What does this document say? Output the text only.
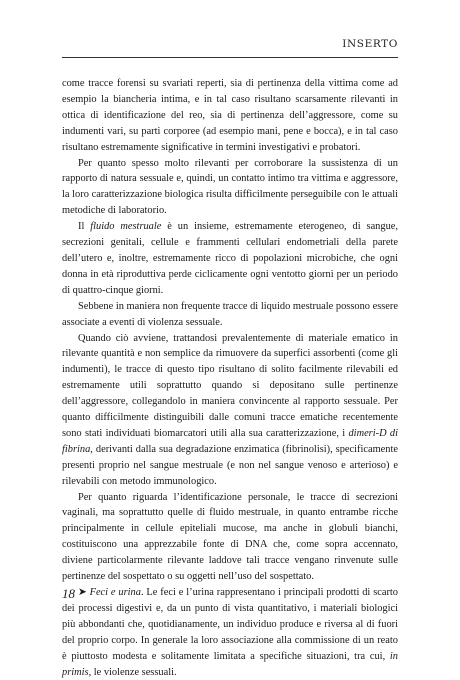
INSERTO

come tracce forensi su svariati reperti, sia di pertinenza della vittima come ad esempio la biancheria intima, e in tal caso risultano scarsamente rilevanti in ottica di identificazione del reo, sia di pertinenza dell’aggressore, come su indumenti vari, su parti corporee (ad esempio mani, pene e bocca), e in tal caso risultano estremamente significative in termini investigativi e probatori.

Per quanto spesso molto rilevanti per corroborare la sussistenza di un rapporto di natura sessuale e, quindi, un contatto intimo tra vittima e aggressore, la loro caratterizzazione biologica risulta difficilmente perseguibile con le attuali metodiche di laboratorio.

Il fluido mestruale è un insieme, estremamente eterogeneo, di sangue, secrezioni genitali, cellule e frammenti cellulari endometriali della parete dell’utero e, inoltre, estremamente ricco di popolazioni microbiche, che ogni donna in età riproduttiva perde ciclicamente ogni ventotto giorni per un periodo di quattro-cinque giorni.

Sebbene in maniera non frequente tracce di liquido mestruale possono essere associate a eventi di violenza sessuale.

Quando ciò avviene, trattandosi prevalentemente di materiale ematico in rilevante quantità e non semplice da rimuovere da superfici assorbenti (come gli indumenti), le tracce di questo tipo risultano di solito facilmente rilevabili ed estremamente utili soprattutto quando si depositano sulle pertinenze dell’aggressore, collegandolo in maniera convincente al rapporto sessuale. Per quanto difficilmente distinguibili dalle comuni tracce ematiche recentemente sono stati individuati biomarcatori utili alla sua caratterizzazione, i dimeri-D di fibrina, derivanti dalla sua degradazione enzimatica (fibrinolisi), specificamente presenti proprio nel sangue mestruale (e non nel sangue venoso e arterioso) e rilevabili con metodo immunologico.

Per quanto riguarda l’identificazione personale, le tracce di secrezioni vaginali, ma soprattutto quelle di fluido mestruale, in quanto entrambe ricche principalmente in cellule epiteliali mucose, ma anche in globuli bianchi, costituiscono una apprezzabile fonte di DNA che, come sopra accennato, diviene particolarmente rilevante laddove tali tracce vengano rinvenute sulle pertinenze del sospettato o su oggetti nell’uso del sospettato.

➤ Feci e urina. Le feci e l’urina rappresentano i principali prodotti di scarto dei processi digestivi e, da un punto di vista quantitativo, i materiali biologici più abbondanti che, quotidianamente, un individuo produce e riversa al di fuori del proprio corpo. In generale la loro associazione alla commissione di un reato è piuttosto modesta e solitamente limitata a specifiche situazioni, tra cui, in primis, le violenze sessuali.

18
